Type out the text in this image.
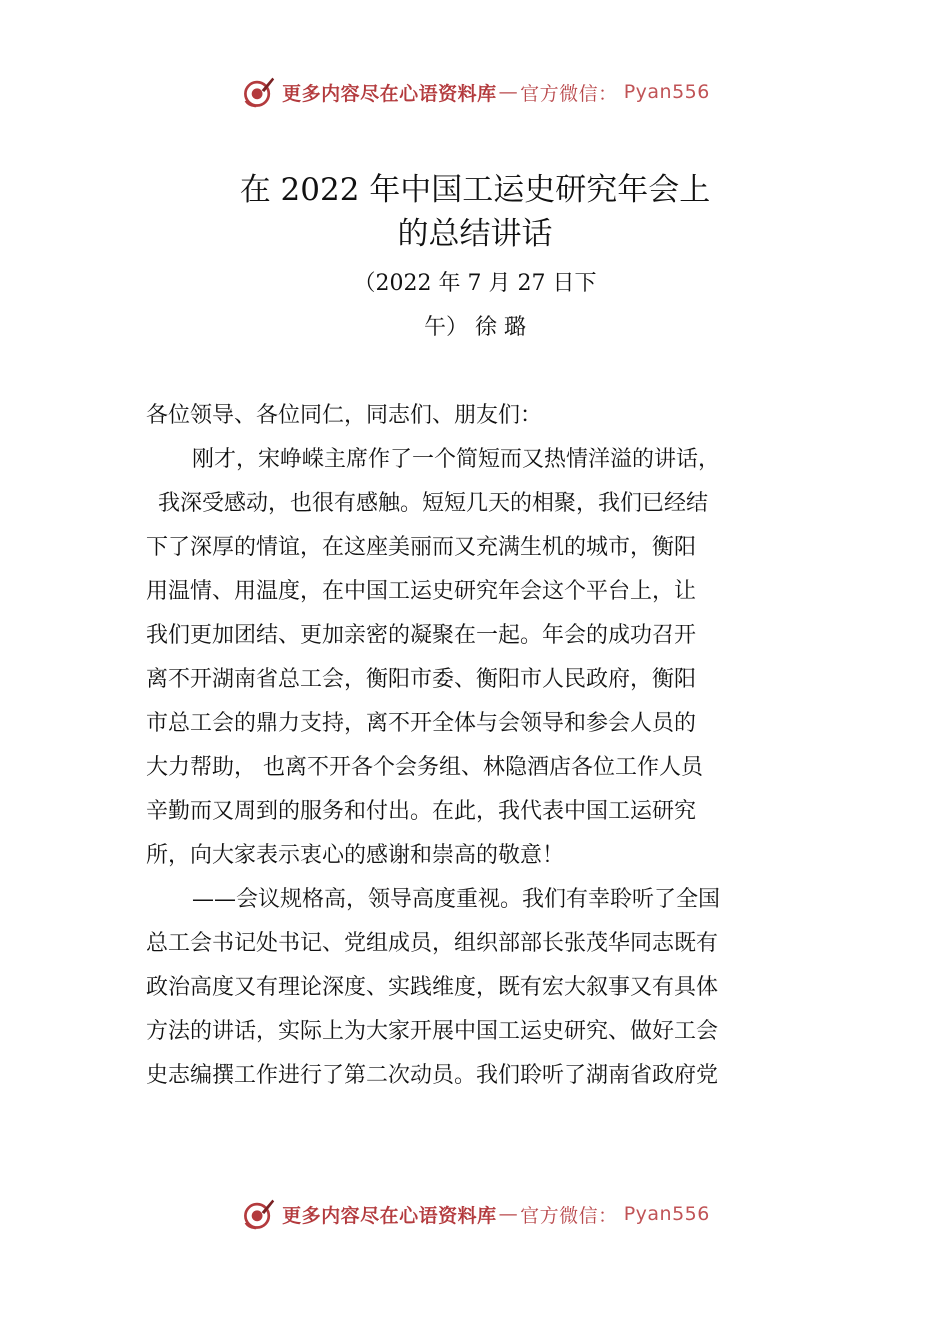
更多内容尽在心语资料库 — 官方微信： Pyan556
在 2022 年中国工运史研究年会上
的总结讲话
（2022 年 7 月 27 日下
午） 徐 璐
各位领导、各位同仁，同志们、朋友们：
刚才，宋峥嵘主席作了一个简短而又热情洋溢的讲话，
我深受感动，也很有感触。短短几天的相聚，我们已经结
下了深厚的情谊，在这座美丽而又充满生机的城市，衡阳
用温情、用温度，在中国工运史研究年会这个平台上，让
我们更加团结、更加亲密的凝聚在一起。年会的成功召开
离不开湖南省总工会，衡阳市委、衡阳市人民政府，衡阳
市总工会的鼎力支持，离不开全体与会领导和参会人员的
大力帮助， 也离不开各个会务组、林隐酒店各位工作人员
辛勤而又周到的服务和付出。在此，我代表中国工运研究
所，向大家表示衷心的感谢和崇高的敬意！
——会议规格高，领导高度重视。我们有幸聆听了全国
总工会书记处书记、党组成员，组织部部长张茂华同志既有
政治高度又有理论深度、实践维度，既有宏大叙事又有具体
方法的讲话，实际上为大家开展中国工运史研究、做好工会
史志编撰工作进行了第二次动员。我们聆听了湖南省政府党
更多内容尽在心语资料库 — 官方微信： Pyan556
